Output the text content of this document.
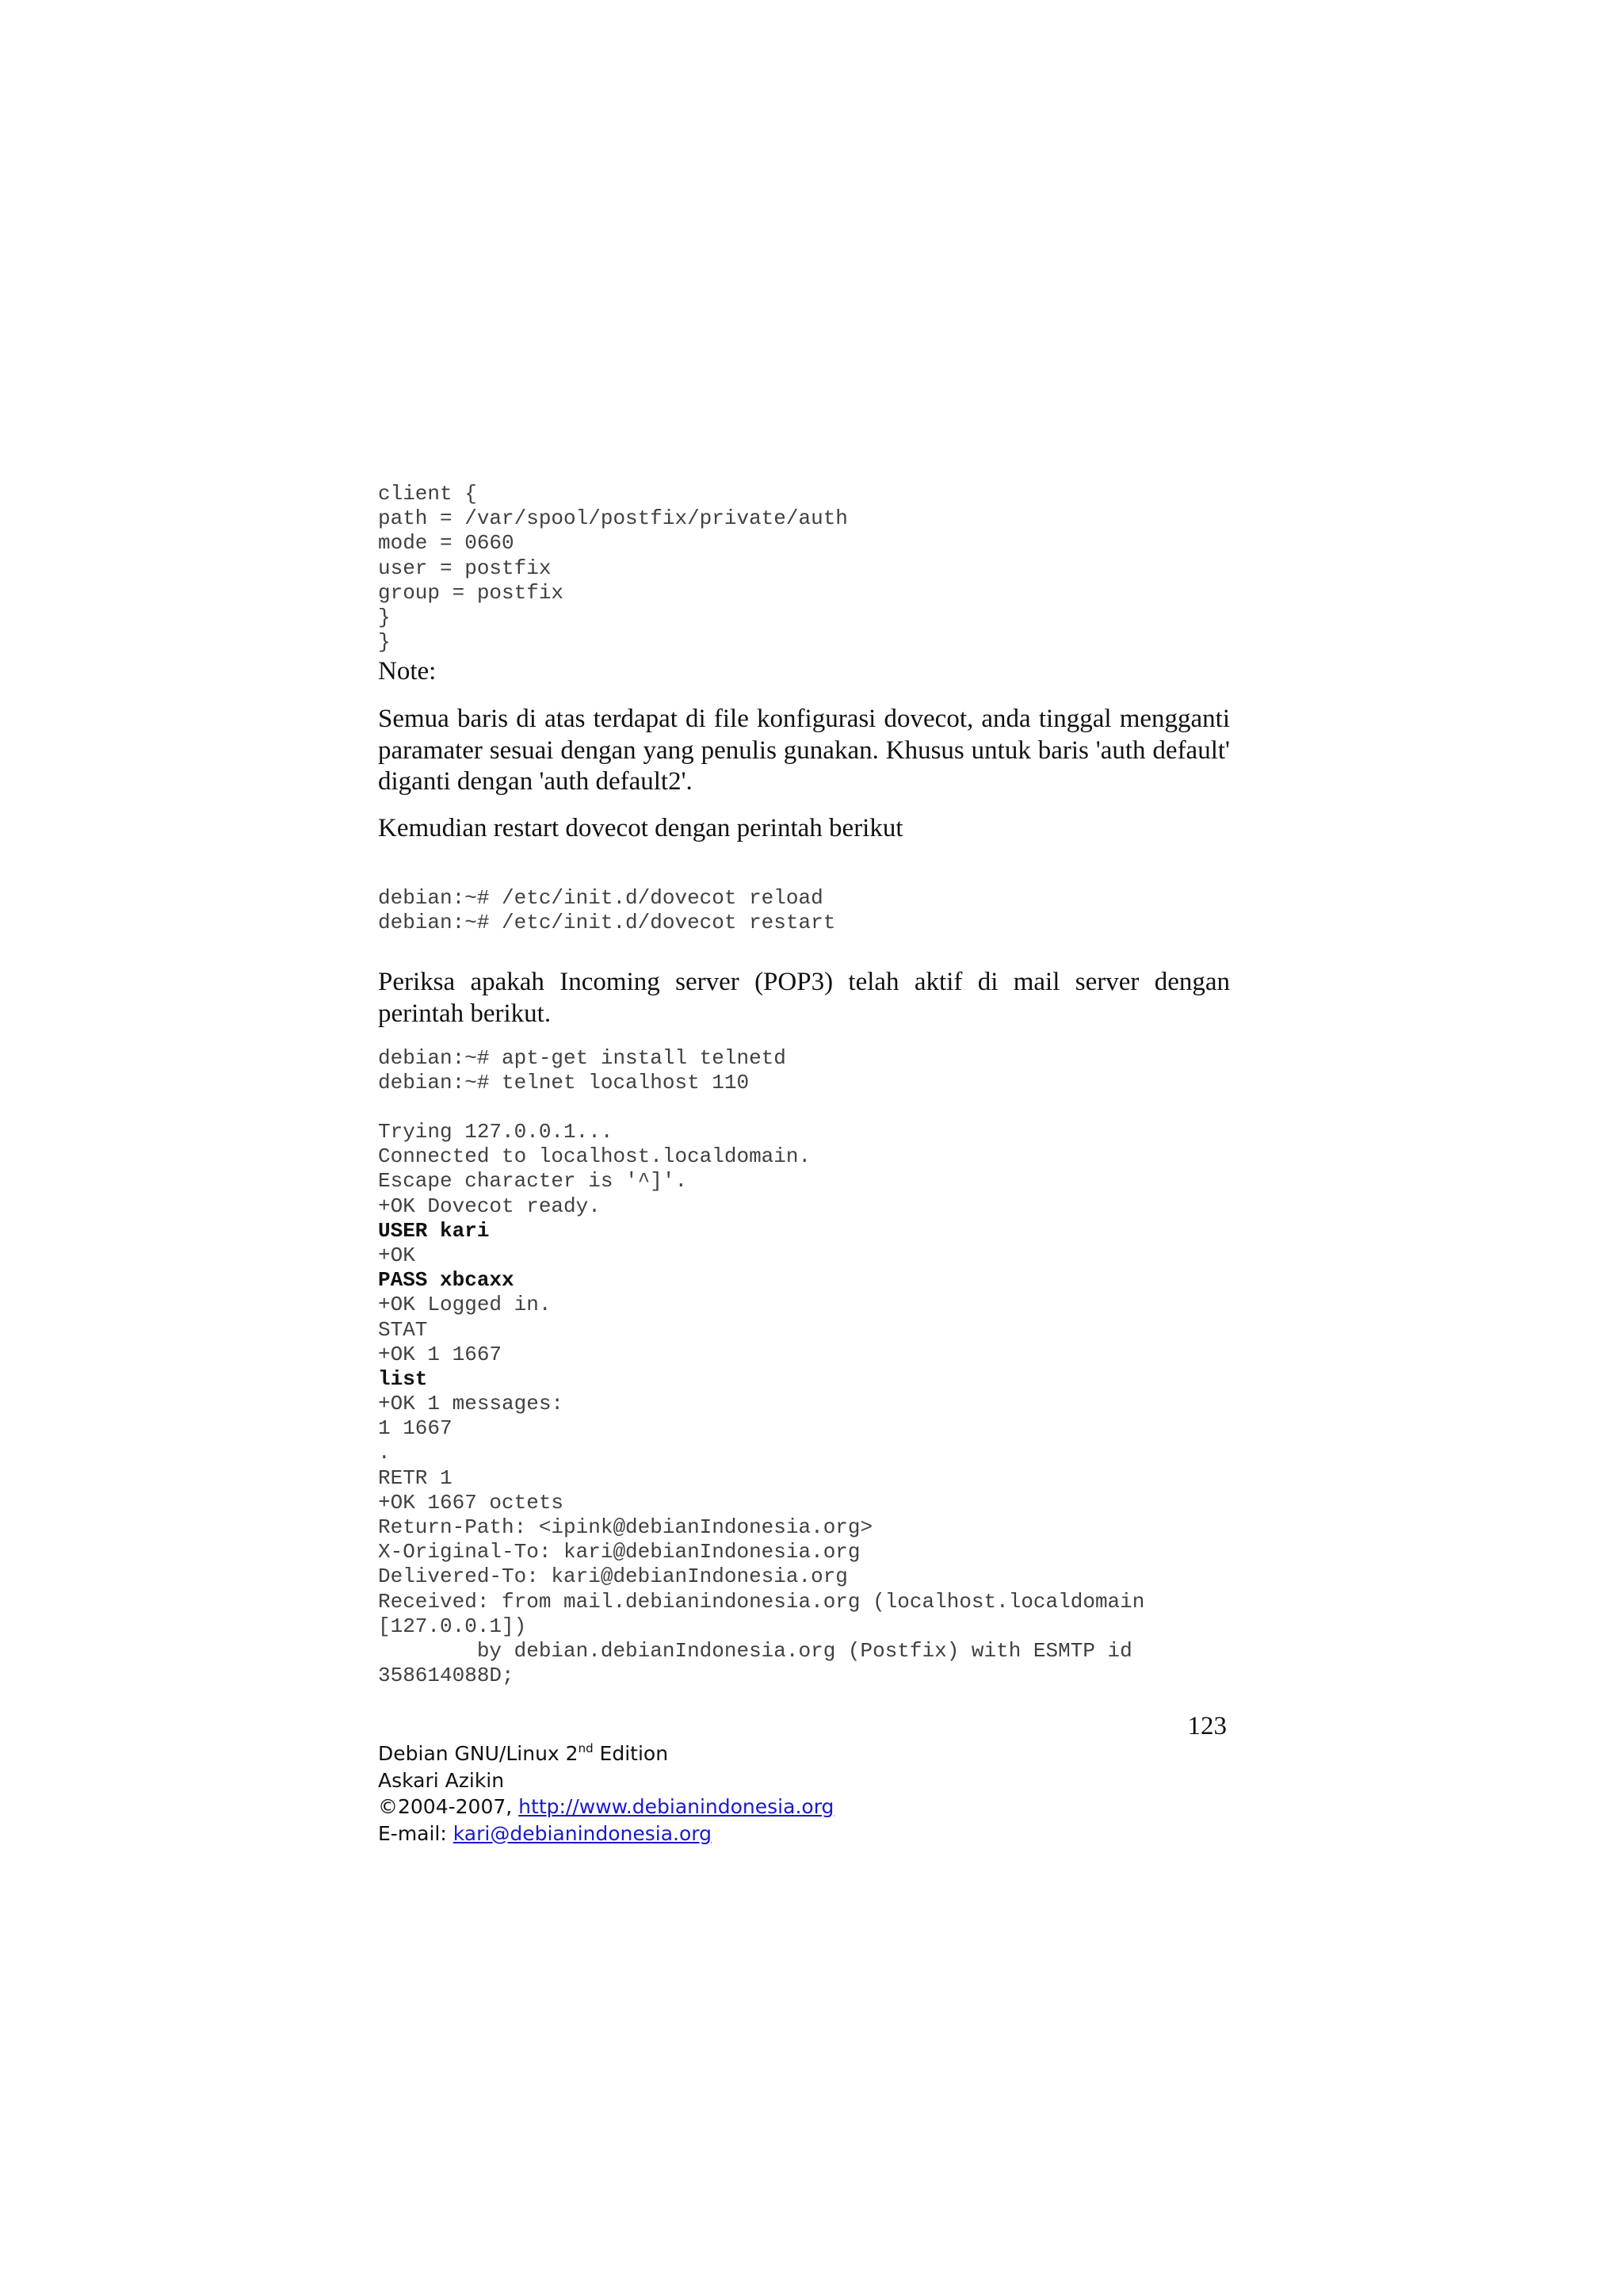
client {
path = /var/spool/postfix/private/auth
mode = 0660
user = postfix
group = postfix
}
}
Note:
Semua baris di atas terdapat di file konfigurasi dovecot, anda tinggal mengganti paramater sesuai dengan yang penulis gunakan. Khusus untuk baris 'auth default' diganti dengan 'auth default2'.
Kemudian restart dovecot dengan perintah berikut
debian:~# /etc/init.d/dovecot reload
debian:~# /etc/init.d/dovecot restart
Periksa apakah Incoming server (POP3) telah aktif di mail server dengan perintah berikut.
debian:~# apt-get install telnetd
debian:~# telnet localhost 110
Trying 127.0.0.1...
Connected to localhost.localdomain.
Escape character is '^]'.
+OK Dovecot ready.
USER kari
+OK
PASS xbcaxx
+OK Logged in.
STAT
+OK 1 1667
list
+OK 1 messages:
1 1667
.
RETR 1
+OK 1667 octets
Return-Path: <ipink@debianIndonesia.org>
X-Original-To: kari@debianIndonesia.org
Delivered-To: kari@debianIndonesia.org
Received: from mail.debianindonesia.org (localhost.localdomain
[127.0.0.1])
by debian.debianIndonesia.org (Postfix) with ESMTP id
358614088D;
123
Debian GNU/Linux 2nd Edition
Askari Azikin
©2004-2007, http://www.debianindonesia.org
E-mail: kari@debianindonesia.org
